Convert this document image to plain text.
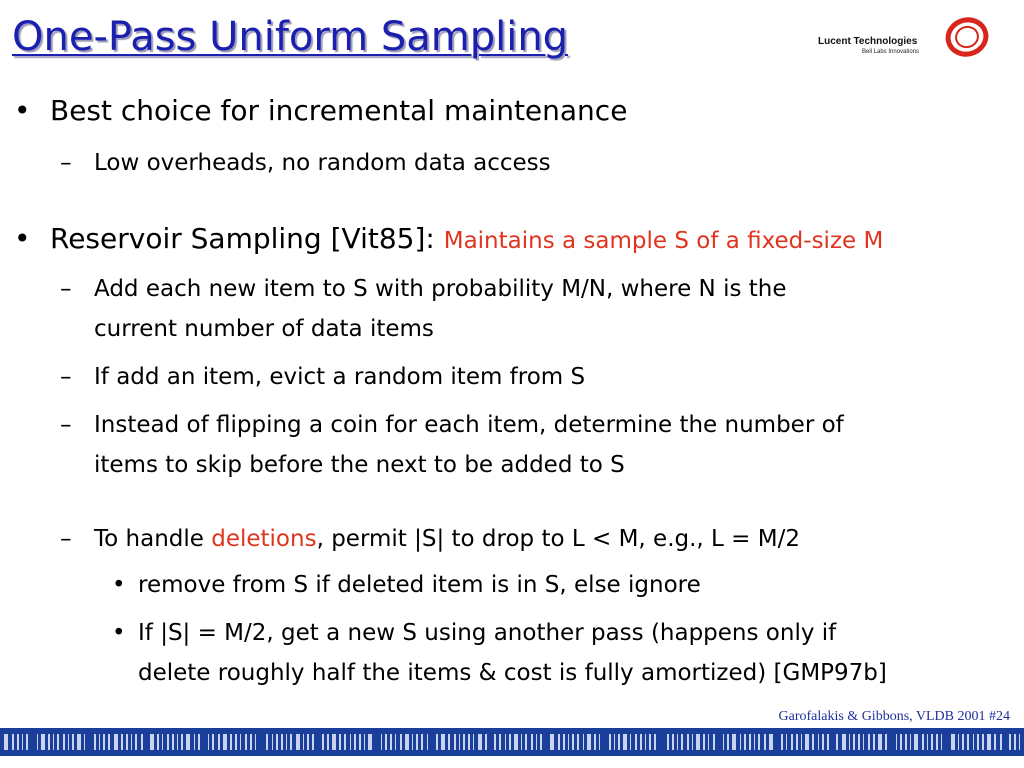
One-Pass Uniform Sampling	Lucent Technologies
Bell Labs Innovations
• Best choice for incremental maintenance
– Low overheads, no random data access
• Reservoir Sampling [Vit85]: Maintains a sample S of a fixed-size M
– Add each new item to S with probability M/N, where N is the
current number of data items
– If add an item, evict a random item from S
– Instead of flipping a coin for each item, determine the number of
items to skip before the next to be added to S
– To handle deletions, permit |S| to drop to L < M, e.g., L = M/2
• remove from S if deleted item is in S, else ignore
• If |S| = M/2, get a new S using another pass (happens only if
delete roughly half the items & cost is fully amortized) [GMP97b]
Garofalakis & Gibbons, VLDB 2001 #24
